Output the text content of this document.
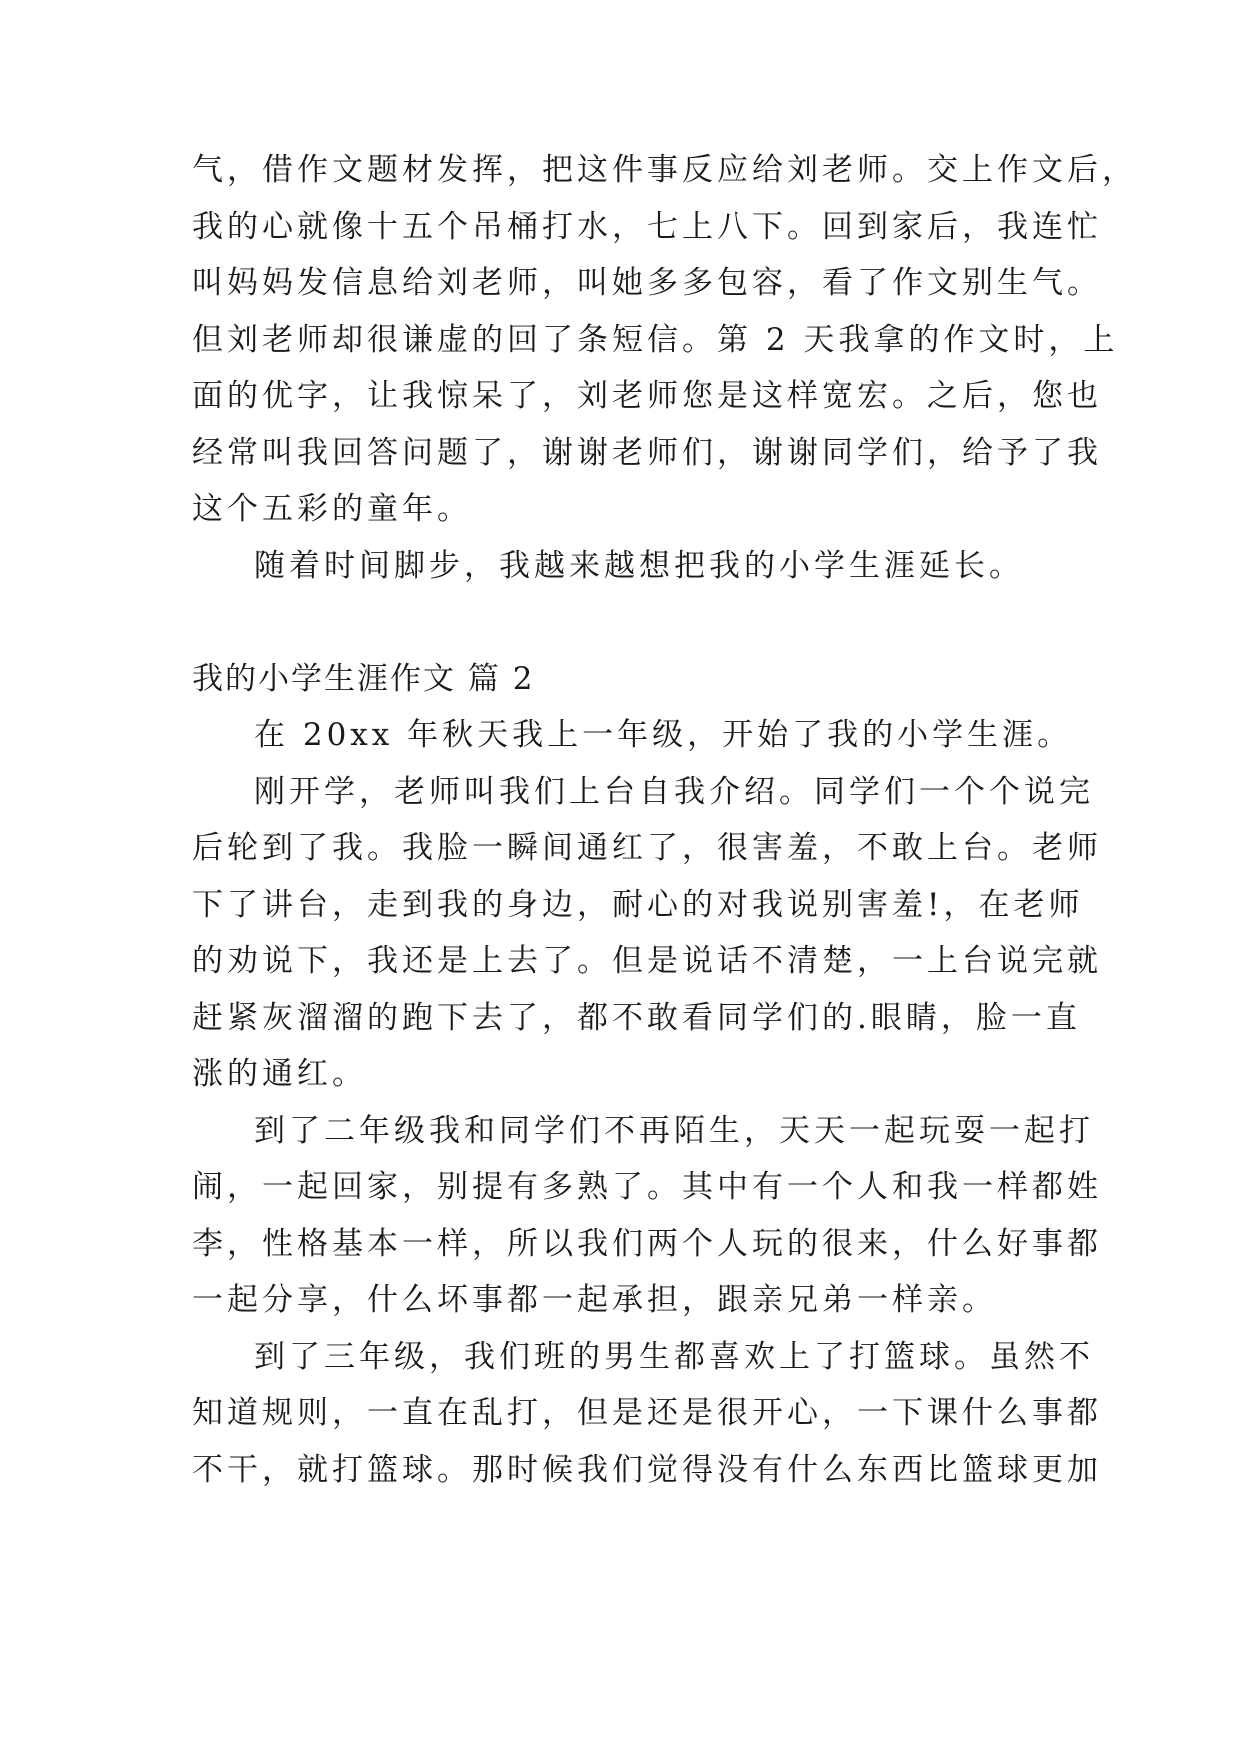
气，借作文题材发挥，把这件事反应给刘老师。交上作文后，
我的心就像十五个吊桶打水，七上八下。回到家后，我连忙
叫妈妈发信息给刘老师，叫她多多包容，看了作文别生气。
但刘老师却很谦虚的回了条短信。第 2 天我拿的作文时，上
面的优字，让我惊呆了，刘老师您是这样宽宏。之后，您也
经常叫我回答问题了，谢谢老师们，谢谢同学们，给予了我
这个五彩的童年。
随着时间脚步，我越来越想把我的小学生涯延长。
我的小学生涯作文 篇 2
在 20xx 年秋天我上一年级，开始了我的小学生涯。
刚开学，老师叫我们上台自我介绍。同学们一个个说完
后轮到了我。我脸一瞬间通红了，很害羞，不敢上台。老师
下了讲台，走到我的身边，耐心的对我说别害羞!，在老师
的劝说下，我还是上去了。但是说话不清楚，一上台说完就
赶紧灰溜溜的跑下去了，都不敢看同学们的.眼睛，脸一直
涨的通红。
到了二年级我和同学们不再陌生，天天一起玩耍一起打
闹，一起回家，别提有多熟了。其中有一个人和我一样都姓
李，性格基本一样，所以我们两个人玩的很来，什么好事都
一起分享，什么坏事都一起承担，跟亲兄弟一样亲。
到了三年级，我们班的男生都喜欢上了打篮球。虽然不
知道规则，一直在乱打，但是还是很开心，一下课什么事都
不干，就打篮球。那时候我们觉得没有什么东西比篮球更加
